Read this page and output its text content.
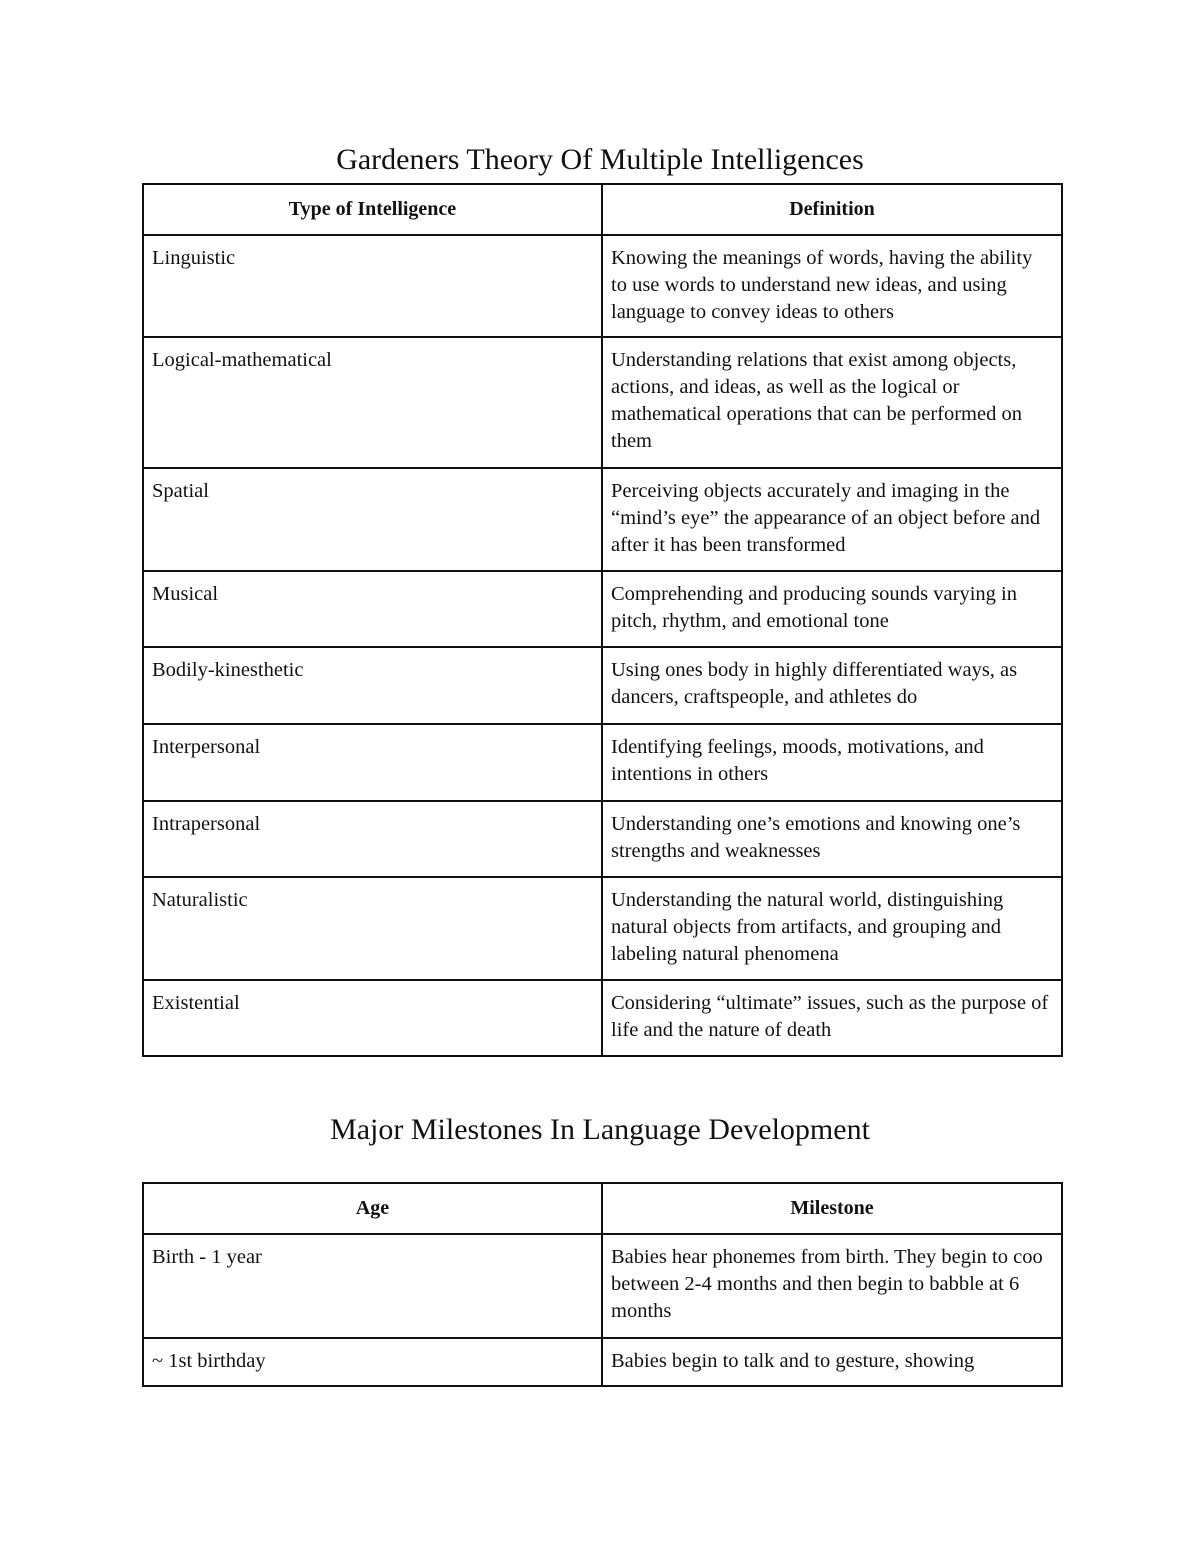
Gardeners Theory Of Multiple Intelligences
Type of Intelligence	Definition
Linguistic	Knowing the meanings of words, having the ability to use words to understand new ideas, and using language to convey ideas to others
Logical-mathematical	Understanding relations that exist among objects, actions, and ideas, as well as the logical or mathematical operations that can be performed on them
Spatial	Perceiving objects accurately and imaging in the “mind’s eye” the appearance of an object before and after it has been transformed
Musical	Comprehending and producing sounds varying in pitch, rhythm, and emotional tone
Bodily-kinesthetic	Using ones body in highly differentiated ways, as dancers, craftspeople, and athletes do
Interpersonal	Identifying feelings, moods, motivations, and intentions in others
Intrapersonal	Understanding one’s emotions and knowing one’s strengths and weaknesses
Naturalistic	Understanding the natural world, distinguishing natural objects from artifacts, and grouping and labeling natural phenomena
Existential	Considering “ultimate” issues, such as the purpose of life and the nature of death
Major Milestones In Language Development
Age	Milestone
Birth - 1 year	Babies hear phonemes from birth. They begin to coo between 2-4 months and then begin to babble at 6 months
~ 1st birthday	Babies begin to talk and to gesture, showing
